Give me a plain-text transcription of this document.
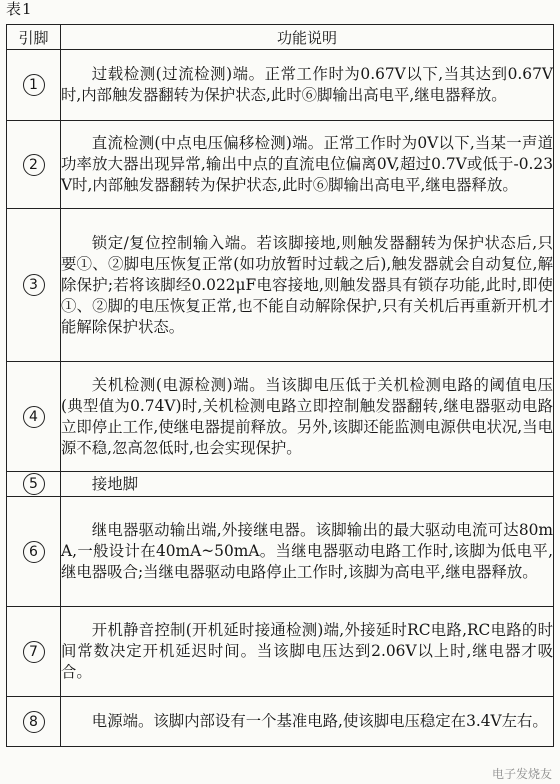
表1
引脚	功能说明
1	过载检测(过流检测)端。正常工作时为0.67V以下,当其达到0.67V时,内部触发器翻转为保护状态,此时⑥脚输出高电平,继电器释放。
2	直流检测(中点电压偏移检测)端。正常工作时为0V以下,当某一声道功率放大器出现异常,输出中点的直流电位偏离0V,超过0.7V或低于-0.23V时,内部触发器翻转为保护状态,此时⑥脚输出高电平,继电器释放。
3	锁定/复位控制输入端。若该脚接地,则触发器翻转为保护状态后,只要①、②脚电压恢复正常(如功放暂时过载之后),触发器就会自动复位,解除保护;若将该脚经0.022μF电容接地,则触发器具有锁存功能,此时,即使①、②脚的电压恢复正常,也不能自动解除保护,只有关机后再重新开机才能解除保护状态。
4	关机检测(电源检测)端。当该脚电压低于关机检测电路的阈值电压(典型值为0.74V)时,关机检测电路立即控制触发器翻转,继电器驱动电路立即停止工作,使继电器提前释放。另外,该脚还能监测电源供电状况,当电源不稳,忽高忽低时,也会实现保护。
5	接地脚
6	继电器驱动输出端,外接继电器。该脚输出的最大驱动电流可达80mA,一般设计在40mA~50mA。当继电器驱动电路工作时,该脚为低电平,继电器吸合;当继电器驱动电路停止工作时,该脚为高电平,继电器释放。
7	开机静音控制(开机延时接通检测)端,外接延时RC电路,RC电路的时间常数决定开机延迟时间。当该脚电压达到2.06V以上时,继电器才吸合。
8	电源端。该脚内部设有一个基准电路,使该脚电压稳定在3.4V左右。
电子发烧友
